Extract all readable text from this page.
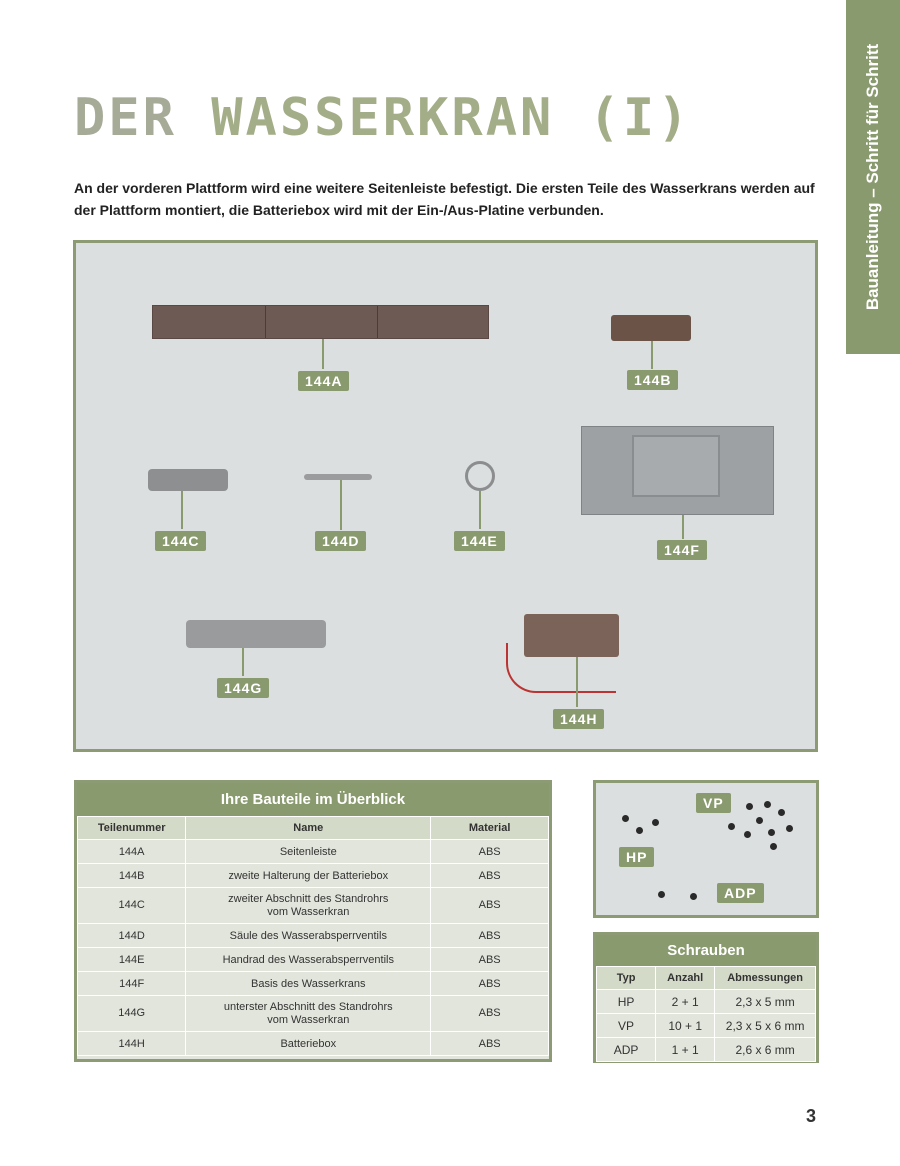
Bauanleitung – Schritt für Schritt
DER WASSERKRAN (I)

An der vorderen Plattform wird eine weitere Seitenleiste befestigt. Die ersten Teile des Wasserkrans werden auf der Plattform montiert, die Batteriebox wird mit der Ein-/Aus-Platine verbunden.

144A	144B
144C	144D	144E
144F
144G
144H
Ihre Bauteile im Überblick
Teilenummer	Name	Material
144A	Seitenleiste	ABS
144B	zweite Halterung der Batteriebox	ABS
144C	zweiter Abschnitt des Standrohrs
vom Wasserkran	ABS
144D	Säule des Wasserabsperrventils	ABS
144E	Handrad des Wasserabsperrventils	ABS
144F	Basis des Wasserkrans	ABS
144G	unterster Abschnitt des Standrohrs
vom Wasserkran	ABS
144H	Batteriebox	ABS
VP
HP
ADP
Schrauben
Typ	Anzahl	Abmessungen
HP	2 + 1	2,3 x 5 mm
VP	10 + 1	2,3 x 5 x 6 mm
ADP	1 + 1	2,6 x 6 mm
3
